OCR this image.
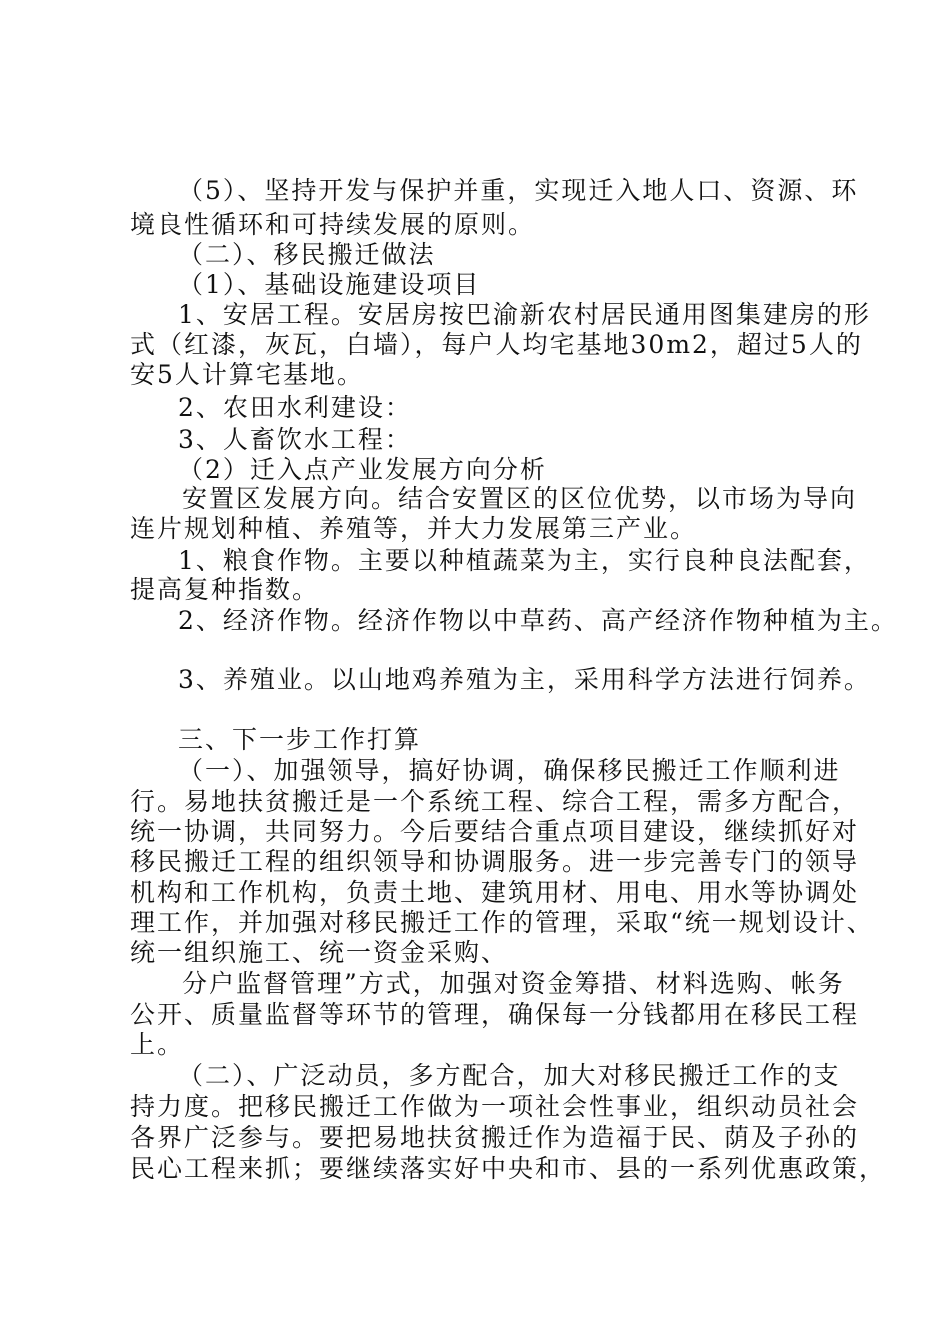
（5）、坚持开发与保护并重，实现迁入地人口、资源、环
境良性循环和可持续发展的原则。
（二）、移民搬迁做法
（1）、基础设施建设项目
1、安居工程。安居房按巴渝新农村居民通用图集建房的形
式（红漆，灰瓦，白墙），每户人均宅基地30m2，超过5人的
安5人计算宅基地。
2、农田水利建设：
3、人畜饮水工程：
（2）迁入点产业发展方向分析
安置区发展方向。结合安置区的区位优势，以市场为导向
连片规划种植、养殖等，并大力发展第三产业。
1、粮食作物。主要以种植蔬菜为主，实行良种良法配套，
提高复种指数。
2、经济作物。经济作物以中草药、高产经济作物种植为主。
3、养殖业。以山地鸡养殖为主，采用科学方法进行饲养。
三、下一步工作打算
（一）、加强领导，搞好协调，确保移民搬迁工作顺利进
行。易地扶贫搬迁是一个系统工程、综合工程，需多方配合，
统一协调，共同努力。今后要结合重点项目建设，继续抓好对
移民搬迁工程的组织领导和协调服务。进一步完善专门的领导
机构和工作机构，负责土地、建筑用材、用电、用水等协调处
理工作，并加强对移民搬迁工作的管理，采取“统一规划设计、
统一组织施工、统一资金采购、
分户监督管理”方式，加强对资金筹措、材料选购、帐务
公开、质量监督等环节的管理，确保每一分钱都用在移民工程
上。
（二）、广泛动员，多方配合，加大对移民搬迁工作的支
持力度。把移民搬迁工作做为一项社会性事业，组织动员社会
各界广泛参与。要把易地扶贫搬迁作为造福于民、荫及子孙的
民心工程来抓；要继续落实好中央和市、县的一系列优惠政策，
